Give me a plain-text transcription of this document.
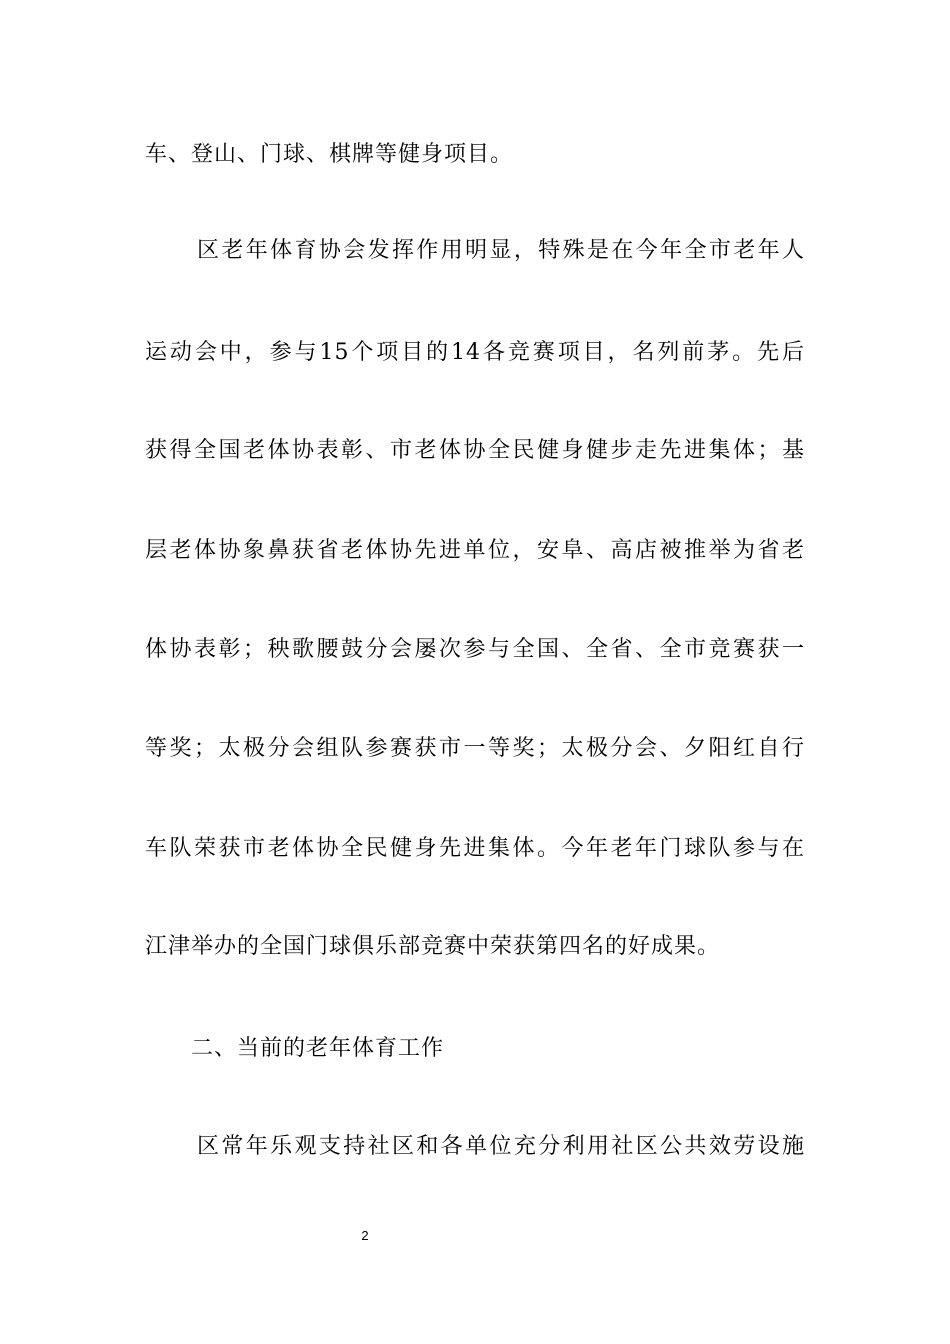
车、登山、门球、棋牌等健身项目。

区老年体育协会发挥作用明显，特殊是在今年全市老年人

运动会中，参与15个项目的14各竞赛项目，名列前茅。先后

获得全国老体协表彰、市老体协全民健身健步走先进集体；基

层老体协象鼻获省老体协先进单位，安阜、高店被推举为省老

体协表彰；秧歌腰鼓分会屡次参与全国、全省、全市竞赛获一

等奖；太极分会组队参赛获市一等奖；太极分会、夕阳红自行

车队荣获市老体协全民健身先进集体。今年老年门球队参与在

江津举办的全国门球俱乐部竞赛中荣获第四名的好成果。

二、当前的老年体育工作

区常年乐观支持社区和各单位充分利用社区公共效劳设施

2
